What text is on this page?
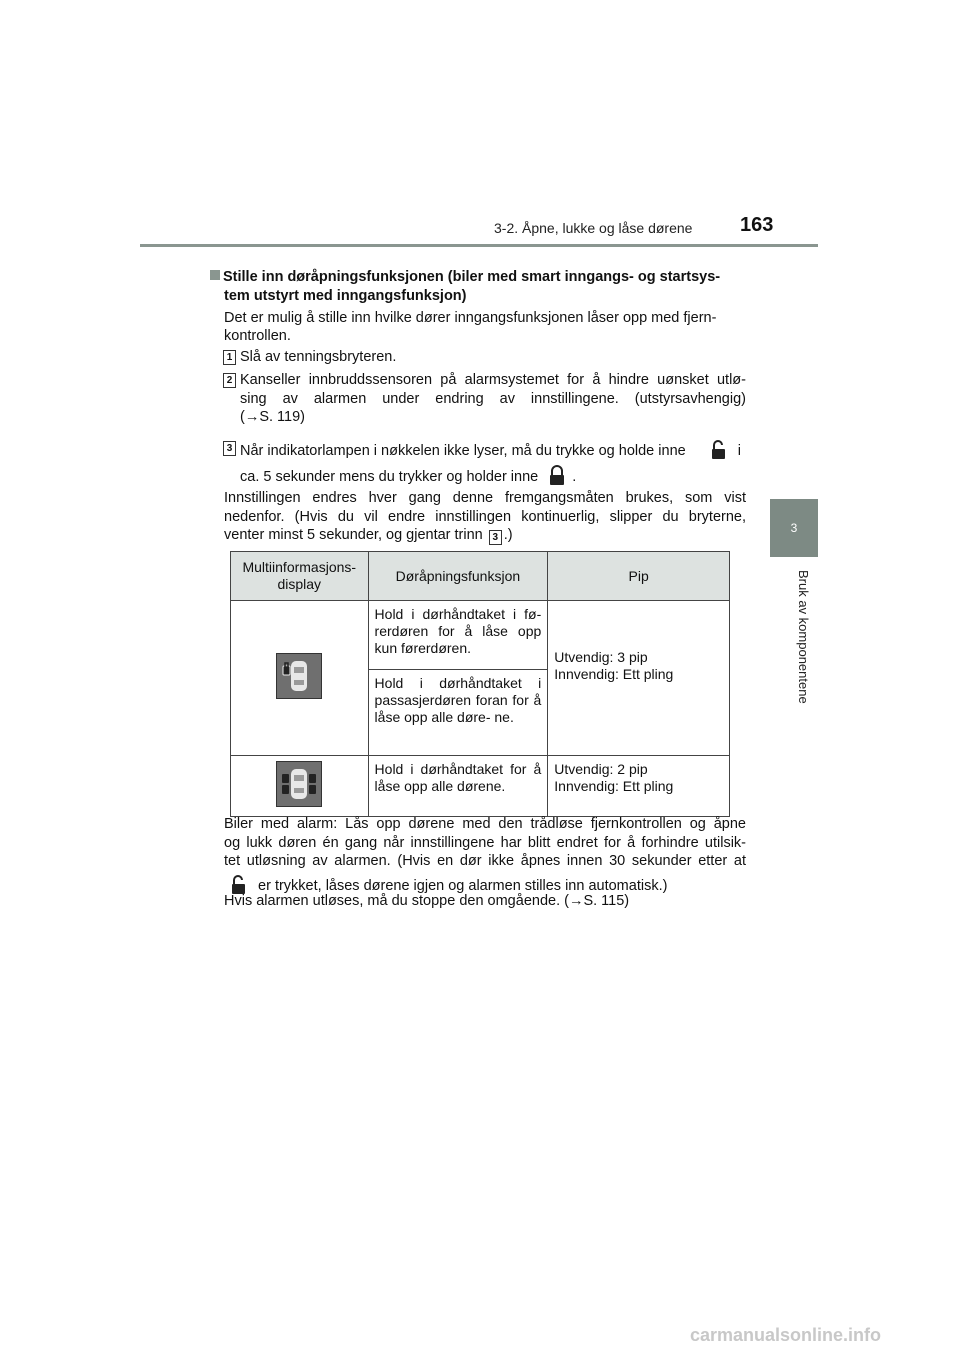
3-2. Åpne, lukke og låse dørene 163
3
Bruk av komponentene
Stille inn døråpningsfunksjonen (biler med smart inngangs- og startsys-
tem utstyrt med inngangsfunksjon)
Det er mulig å stille inn hvilke dører inngangsfunksjonen låser opp med fjern-
kontrollen.
1 Slå av tenningsbryteren.
2 Kanseller innbruddssensoren på alarmsystemet for å hindre uønsket utlø-
sing av alarmen under endring av innstillingene. (utstyrsavhengig)
(→S. 119)
3 Når indikatorlampen i nøkkelen ikke lyser, må du trykke og holde inne	i
ca. 5 sekunder mens du trykker og holder inne .
Innstillingen endres hver gang denne fremgangsmåten brukes, som vist
nedenfor. (Hvis du vil endre innstillingen kontinuerlig, slipper du bryterne,
venter minst 5 sekunder, og gjentar trinn 3 .)
Multiinformasjons-
display	Døråpningsfunksjon	Pip

	Hold i dørhåndtaket i fø- rerdøren for å låse opp kun førerdøren.	Utvendig: 3 pip
Innvendig: Ett pling

	Hold i dørhåndtaket i passasjerdøren foran for å låse opp alle døre- ne.	

	Hold i dørhåndtaket for å låse opp alle dørene.	Utvendig: 2 pip
Innvendig: Ett pling
Biler med alarm: Lås opp dørene med den trådløse fjernkontrollen og åpne
og lukk døren én gang når innstillingene har blitt endret for å forhindre utilsik-
tet utløsning av alarmen. (Hvis en dør ikke åpnes innen 30 sekunder etter at
er trykket, låses dørene igjen og alarmen stilles inn automatisk.)
Hvis alarmen utløses, må du stoppe den omgående. (→S. 115)
carmanualsonline.info
